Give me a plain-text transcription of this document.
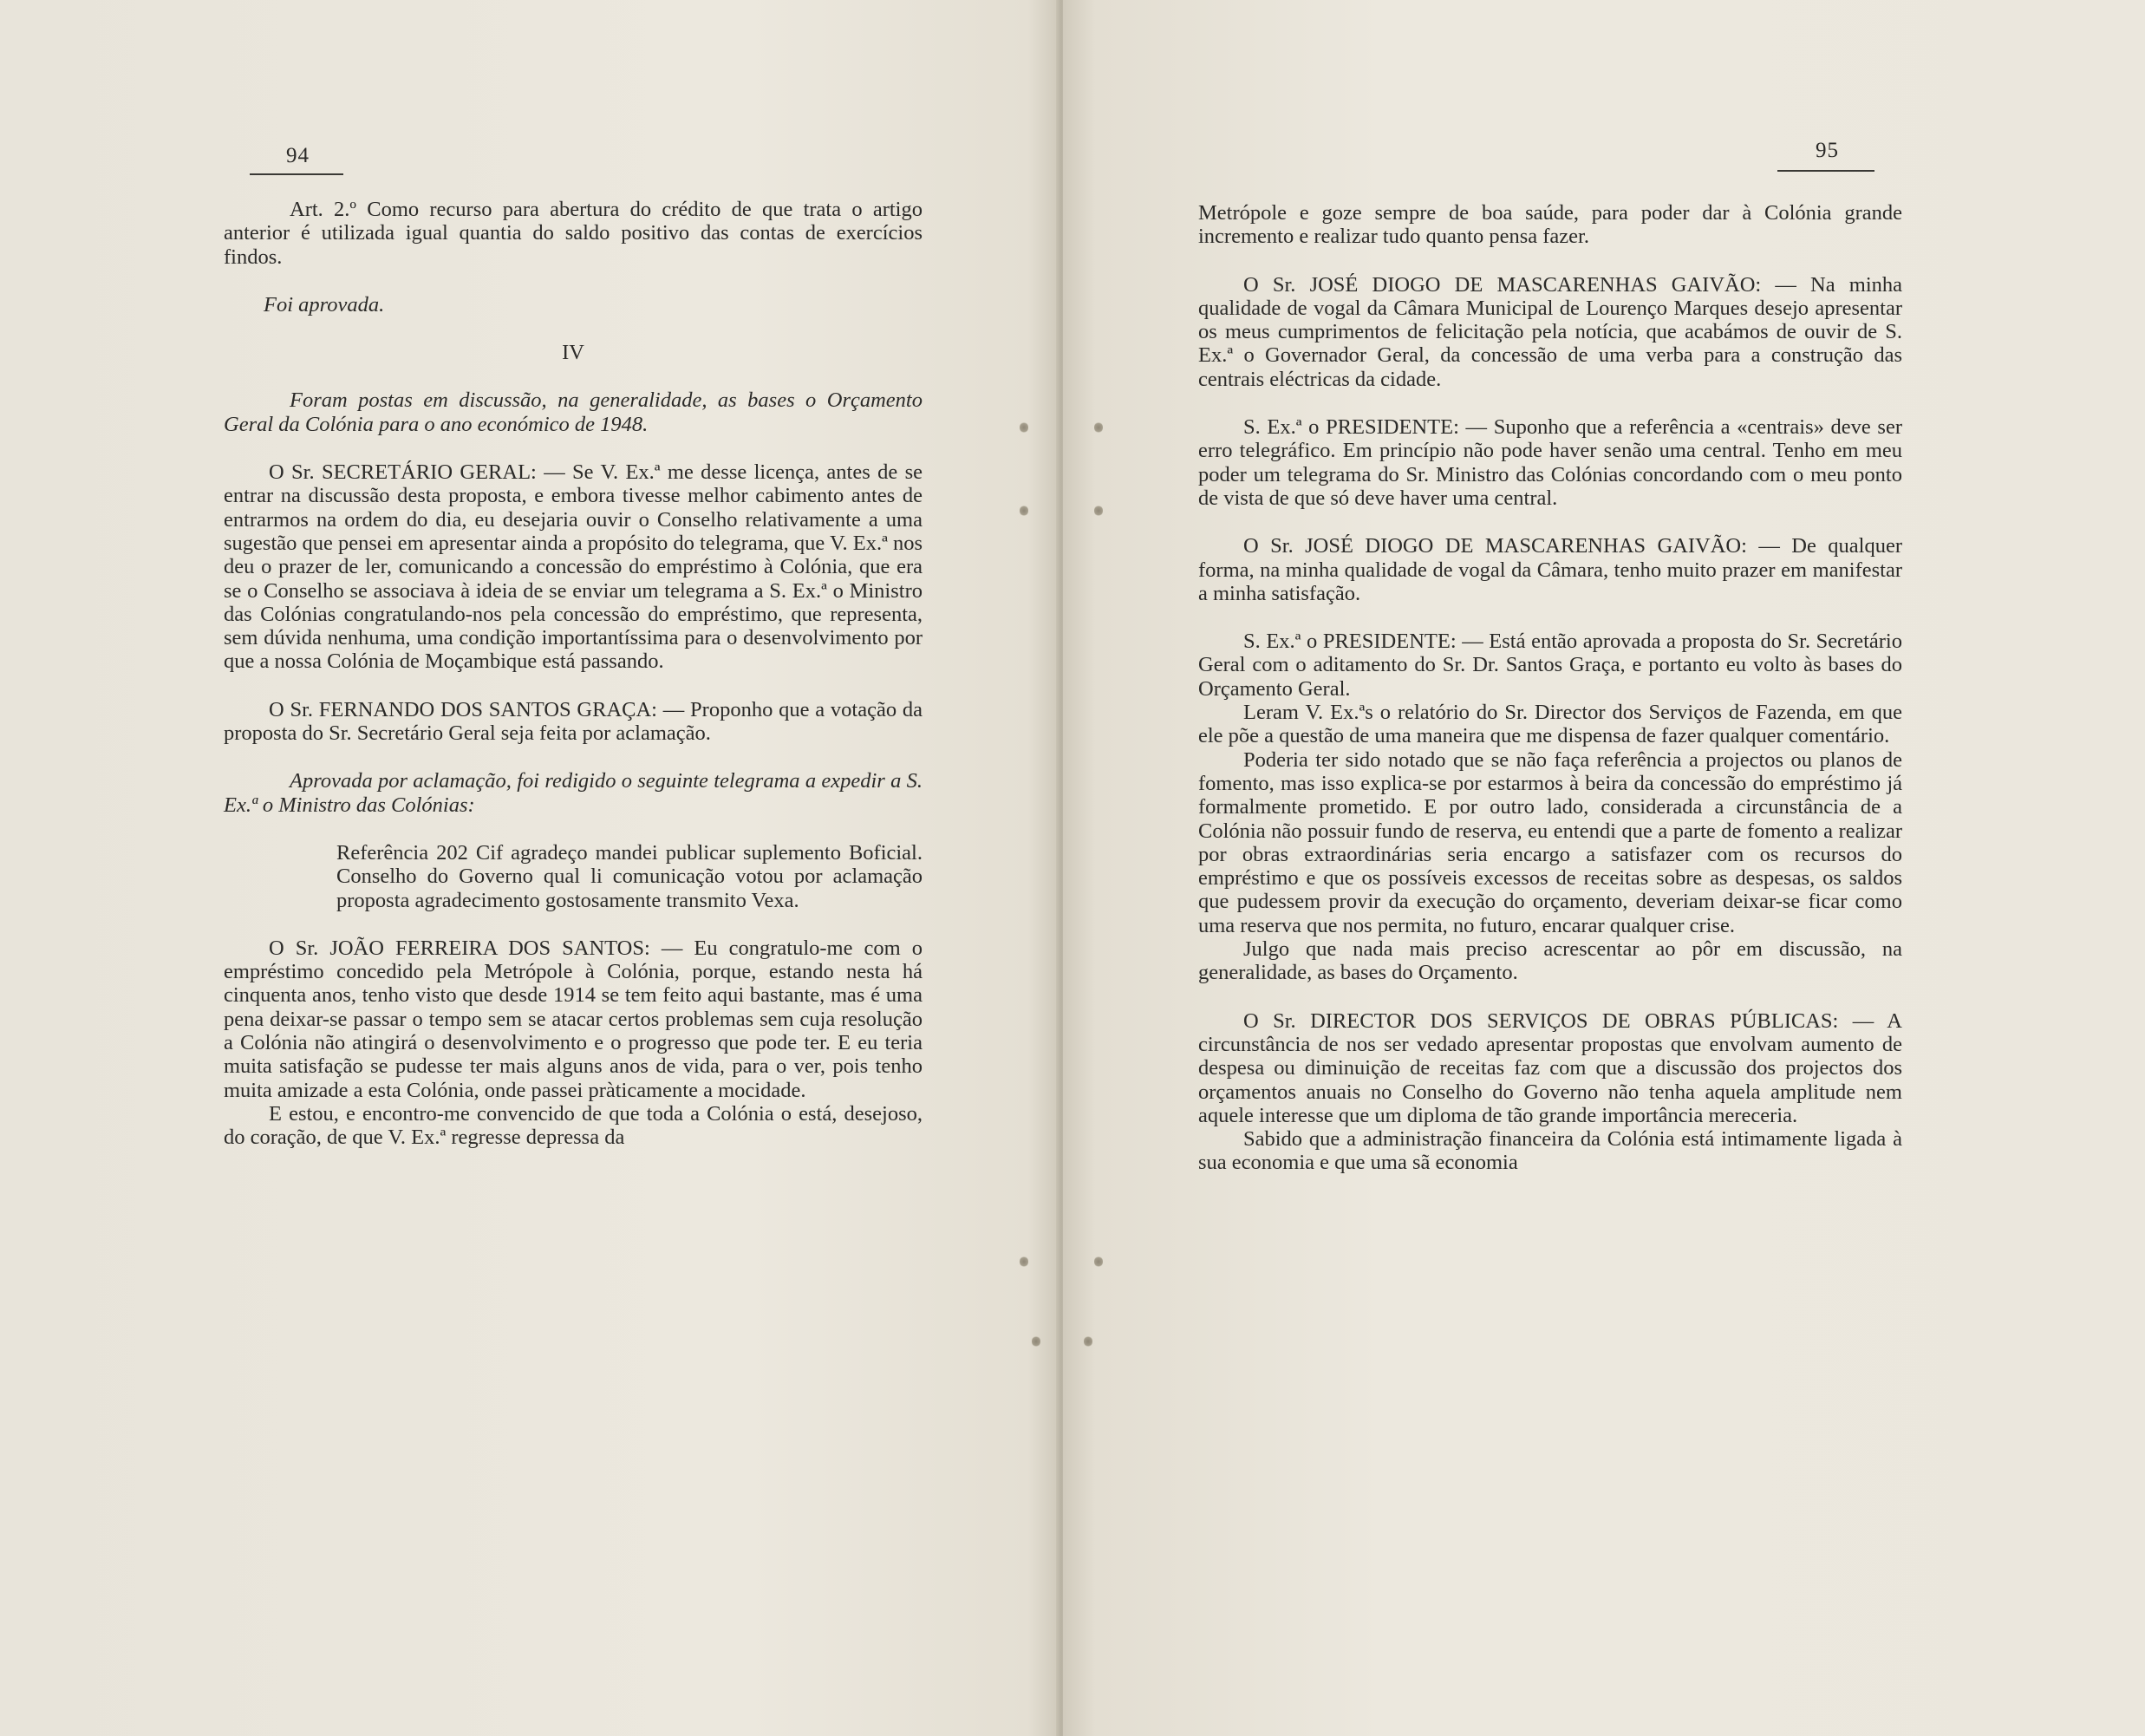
94

Art. 2.º Como recurso para abertura do crédito de que trata o artigo anterior é utilizada igual quantia do saldo positivo das contas de exercícios findos.

Foi aprovada.

IV

Foram postas em discussão, na generalidade, as bases o Orçamento Geral da Colónia para o ano económico de 1948.

O Sr. SECRETÁRIO GERAL: — Se V. Ex.ª me desse licença, antes de se entrar na discussão desta proposta, e embora tivesse melhor cabimento antes de entrarmos na ordem do dia, eu desejaria ouvir o Conselho relativamente a uma sugestão que pensei em apresentar ainda a propósito do telegrama, que V. Ex.ª nos deu o prazer de ler, comunicando a concessão do empréstimo à Colónia, que era se o Conselho se associava à ideia de se enviar um telegrama a S. Ex.ª o Ministro das Colónias congratulando-nos pela concessão do empréstimo, que representa, sem dúvida nenhuma, uma condição importantíssima para o desenvolvimento por que a nossa Colónia de Moçambique está passando.

O Sr. FERNANDO DOS SANTOS GRAÇA: — Proponho que a votação da proposta do Sr. Secretário Geral seja feita por aclamação.

Aprovada por aclamação, foi redigido o seguinte telegrama a expedir a S. Ex.ª o Ministro das Colónias:

Referência 202 Cif agradeço mandei publicar suplemento Boficial. Conselho do Governo qual li comunicação votou por aclamação proposta agradecimento gostosamente transmito Vexa.

O Sr. JOÃO FERREIRA DOS SANTOS: — Eu congratulo-me com o empréstimo concedido pela Metrópole à Colónia, porque, estando nesta há cinquenta anos, tenho visto que desde 1914 se tem feito aqui bastante, mas é uma pena deixar-se passar o tempo sem se atacar certos problemas sem cuja resolução a Colónia não atingirá o desenvolvimento e o progresso que pode ter. E eu teria muita satisfação se pudesse ter mais alguns anos de vida, para o ver, pois tenho muita amizade a esta Colónia, onde passei pràticamente a mocidade.

E estou, e encontro-me convencido de que toda a Colónia o está, desejoso, do coração, de que V. Ex.ª regresse depressa da

95

Metrópole e goze sempre de boa saúde, para poder dar à Colónia grande incremento e realizar tudo quanto pensa fazer.

O Sr. JOSÉ DIOGO DE MASCARENHAS GAIVÃO: — Na minha qualidade de vogal da Câmara Municipal de Lourenço Marques desejo apresentar os meus cumprimentos de felicitação pela notícia, que acabámos de ouvir de S. Ex.ª o Governador Geral, da concessão de uma verba para a construção das centrais eléctricas da cidade.

S. Ex.ª o PRESIDENTE: — Suponho que a referência a «centrais» deve ser erro telegráfico. Em princípio não pode haver senão uma central. Tenho em meu poder um telegrama do Sr. Ministro das Colónias concordando com o meu ponto de vista de que só deve haver uma central.

O Sr. JOSÉ DIOGO DE MASCARENHAS GAIVÃO: — De qualquer forma, na minha qualidade de vogal da Câmara, tenho muito prazer em manifestar a minha satisfação.

S. Ex.ª o PRESIDENTE: — Está então aprovada a proposta do Sr. Secretário Geral com o aditamento do Sr. Dr. Santos Graça, e portanto eu volto às bases do Orçamento Geral.

Leram V. Ex.ªs o relatório do Sr. Director dos Serviços de Fazenda, em que ele põe a questão de uma maneira que me dispensa de fazer qualquer comentário.

Poderia ter sido notado que se não faça referência a projectos ou planos de fomento, mas isso explica-se por estarmos à beira da concessão do empréstimo já formalmente prometido. E por outro lado, considerada a circunstância de a Colónia não possuir fundo de reserva, eu entendi que a parte de fomento a realizar por obras extraordinárias seria encargo a satisfazer com os recursos do empréstimo e que os possíveis excessos de receitas sobre as despesas, os saldos que pudessem provir da execução do orçamento, deveriam deixar-se ficar como uma reserva que nos permita, no futuro, encarar qualquer crise.

Julgo que nada mais preciso acrescentar ao pôr em discussão, na generalidade, as bases do Orçamento.

O Sr. DIRECTOR DOS SERVIÇOS DE OBRAS PÚBLICAS: — A circunstância de nos ser vedado apresentar propostas que envolvam aumento de despesa ou diminuição de receitas faz com que a discussão dos projectos dos orçamentos anuais no Conselho do Governo não tenha aquela amplitude nem aquele interesse que um diploma de tão grande importância mereceria.

Sabido que a administração financeira da Colónia está intimamente ligada à sua economia e que uma sã economia
